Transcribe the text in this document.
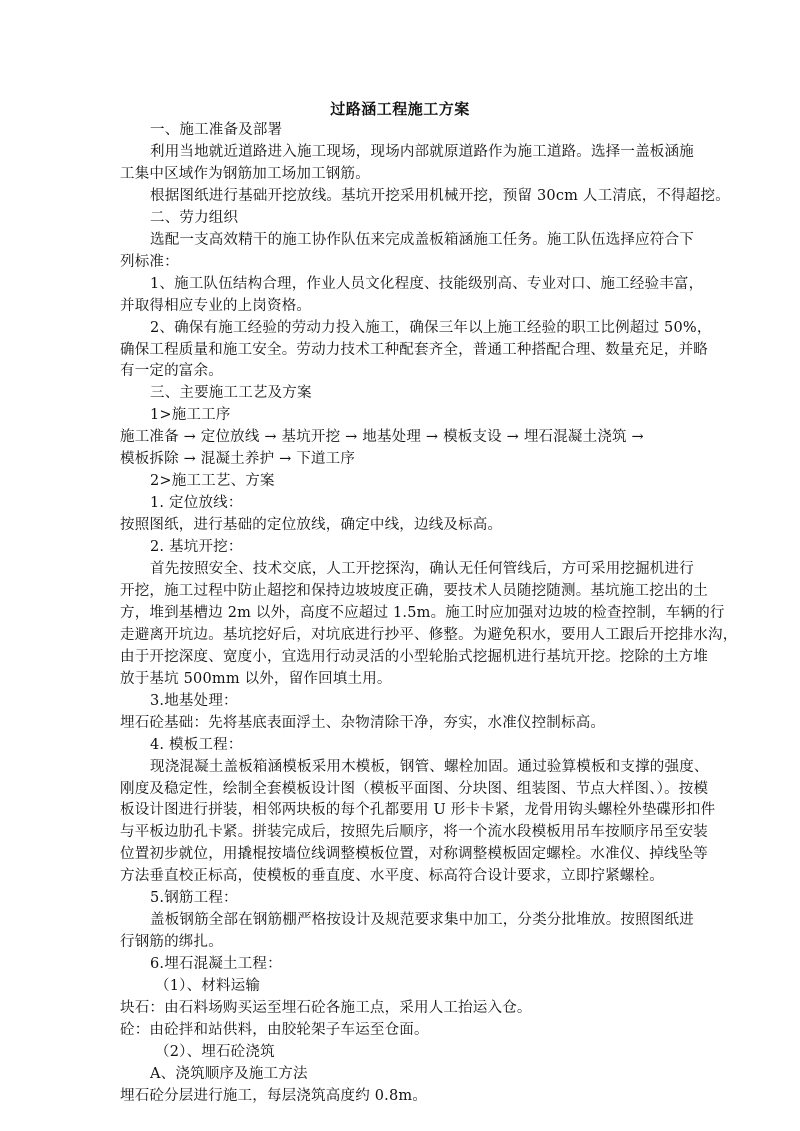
过路涵工程施工方案
一、施工准备及部署
利用当地就近道路进入施工现场，现场内部就原道路作为施工道路。选择一盖板涵施
工集中区域作为钢筋加工场加工钢筋。
根据图纸进行基础开挖放线。基坑开挖采用机械开挖，预留 30cm 人工清底，不得超挖。
二、劳力组织
选配一支高效精干的施工协作队伍来完成盖板箱涵施工任务。施工队伍选择应符合下
列标准：
1、施工队伍结构合理，作业人员文化程度、技能级别高、专业对口、施工经验丰富，
并取得相应专业的上岗资格。
2、确保有施工经验的劳动力投入施工，确保三年以上施工经验的职工比例超过 50%，
确保工程质量和施工安全。劳动力技术工种配套齐全，普通工种搭配合理、数量充足，并略
有一定的富余。
三、主要施工工艺及方案
1>施工工序
施工准备 → 定位放线 → 基坑开挖 → 地基处理 → 模板支设 → 埋石混凝土浇筑 →
模板拆除 → 混凝土养护 → 下道工序
2>施工工艺、方案
1. 定位放线：
按照图纸，进行基础的定位放线，确定中线，边线及标高。
2. 基坑开挖：
首先按照安全、技术交底，人工开挖探沟，确认无任何管线后，方可采用挖掘机进行
开挖，施工过程中防止超挖和保持边坡坡度正确，要技术人员随挖随测。基坑施工挖出的土
方，堆到基槽边 2m 以外，高度不应超过 1.5m。施工时应加强对边坡的检查控制，车辆的行
走避离开坑边。基坑挖好后，对坑底进行抄平、修整。为避免积水，要用人工跟后开挖排水沟，
由于开挖深度、宽度小，宜选用行动灵活的小型轮胎式挖掘机进行基坑开挖。挖除的土方堆
放于基坑 500mm 以外，留作回填土用。
3.地基处理：
埋石砼基础：先将基底表面浮土、杂物清除干净，夯实，水准仪控制标高。
4. 模板工程：
现浇混凝土盖板箱涵模板采用木模板，钢管、螺栓加固。通过验算模板和支撑的强度、
刚度及稳定性，绘制全套模板设计图（模板平面图、分块图、组装图、节点大样图、）。按模
板设计图进行拼装，相邻两块板的每个孔都要用 U 形卡卡紧，龙骨用钩头螺栓外垫碟形扣件
与平板边肋孔卡紧。拼装完成后，按照先后顺序，将一个流水段模板用吊车按顺序吊至安装
位置初步就位，用撬棍按墙位线调整模板位置，对称调整模板固定螺栓。水准仪、掉线坠等
方法垂直校正标高，使模板的垂直度、水平度、标高符合设计要求，立即拧紧螺栓。
5.钢筋工程：
盖板钢筋全部在钢筋棚严格按设计及规范要求集中加工，分类分批堆放。按照图纸进
行钢筋的绑扎。
6.埋石混凝土工程：
（1）、材料运输
块石：由石料场购买运至埋石砼各施工点，采用人工抬运入仓。
砼：由砼拌和站供料，由胶轮架子车运至仓面。
（2）、埋石砼浇筑
A、浇筑顺序及施工方法
埋石砼分层进行施工，每层浇筑高度约 0.8m。
